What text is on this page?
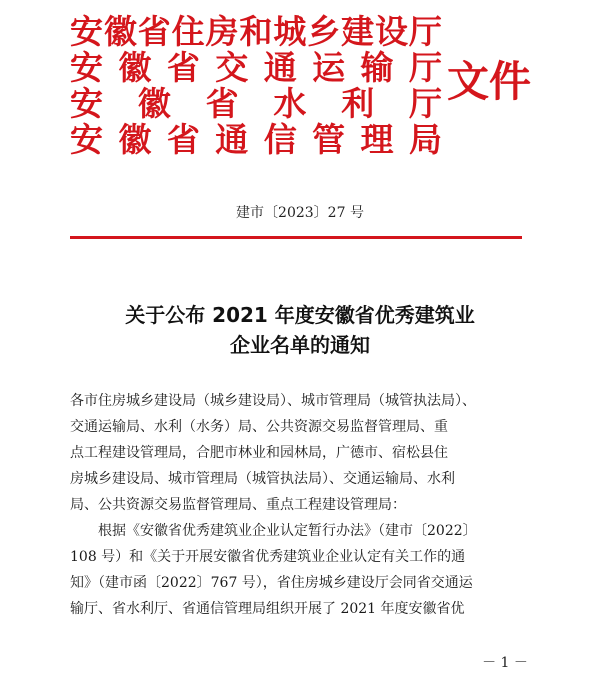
安 徽 省 住 房 和 城 乡 建 设 厅
安 徽 省 交 通 运 输 厅
安 徽 省 水 利 厅
安 徽 省 通 信 管 理 局
文件
建市〔2023〕27 号
关于公布 2021 年度安徽省优秀建筑业
企业名单的通知
各市住房城乡建设局（城乡建设局）、城市管理局（城管执法局）、
交通运输局、水利（水务）局、公共资源交易监督管理局、重
点工程建设管理局，合肥市林业和园林局，广德市、宿松县住
房城乡建设局、城市管理局（城管执法局）、交通运输局、水利
局、公共资源交易监督管理局、重点工程建设管理局：
根据《安徽省优秀建筑业企业认定暂行办法》（建市〔2022〕
108 号）和《关于开展安徽省优秀建筑业企业认定有关工作的通
知》（建市函〔2022〕767 号），省住房城乡建设厅会同省交通运
输厅、省水利厅、省通信管理局组织开展了 2021 年度安徽省优
－ 1 －
